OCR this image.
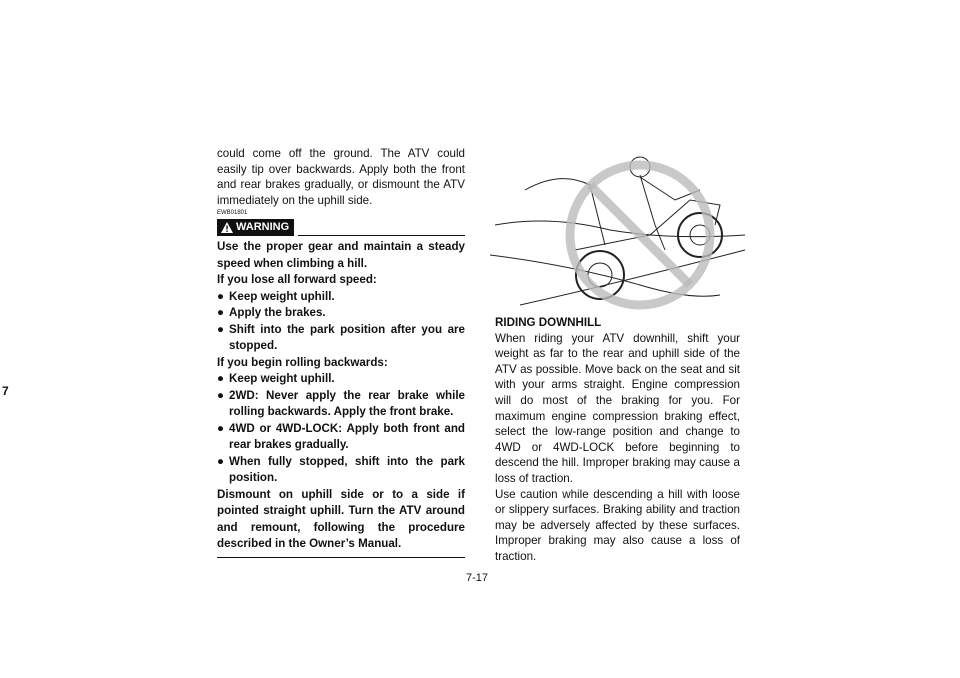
7
could come off the ground. The ATV could easily tip over backwards. Apply both the front and rear brakes gradually, or dismount the ATV immediately on the uphill side.
EWB01801
WARNING
Use the proper gear and maintain a steady speed when climbing a hill.
If you lose all forward speed:
● Keep weight uphill.
● Apply the brakes.
● Shift into the park position after you are stopped.
If you begin rolling backwards:
● Keep weight uphill.
● 2WD: Never apply the rear brake while rolling backwards. Apply the front brake.
● 4WD or 4WD-LOCK: Apply both front and rear brakes gradually.
● When fully stopped, shift into the park position.
Dismount on uphill side or to a side if pointed straight uphill. Turn the ATV around and remount, following the procedure described in the Owner’s Manual.
RIDING DOWNHILL
When riding your ATV downhill, shift your weight as far to the rear and uphill side of the ATV as possible. Move back on the seat and sit with your arms straight. Engine compression will do most of the braking for you. For maximum engine compression braking effect, select the low-range position and change to 4WD or 4WD-LOCK before beginning to descend the hill. Improper braking may cause a loss of traction.
Use caution while descending a hill with loose or slippery surfaces. Braking ability and traction may be adversely affected by these surfaces. Improper braking may also cause a loss of traction.
7-17
